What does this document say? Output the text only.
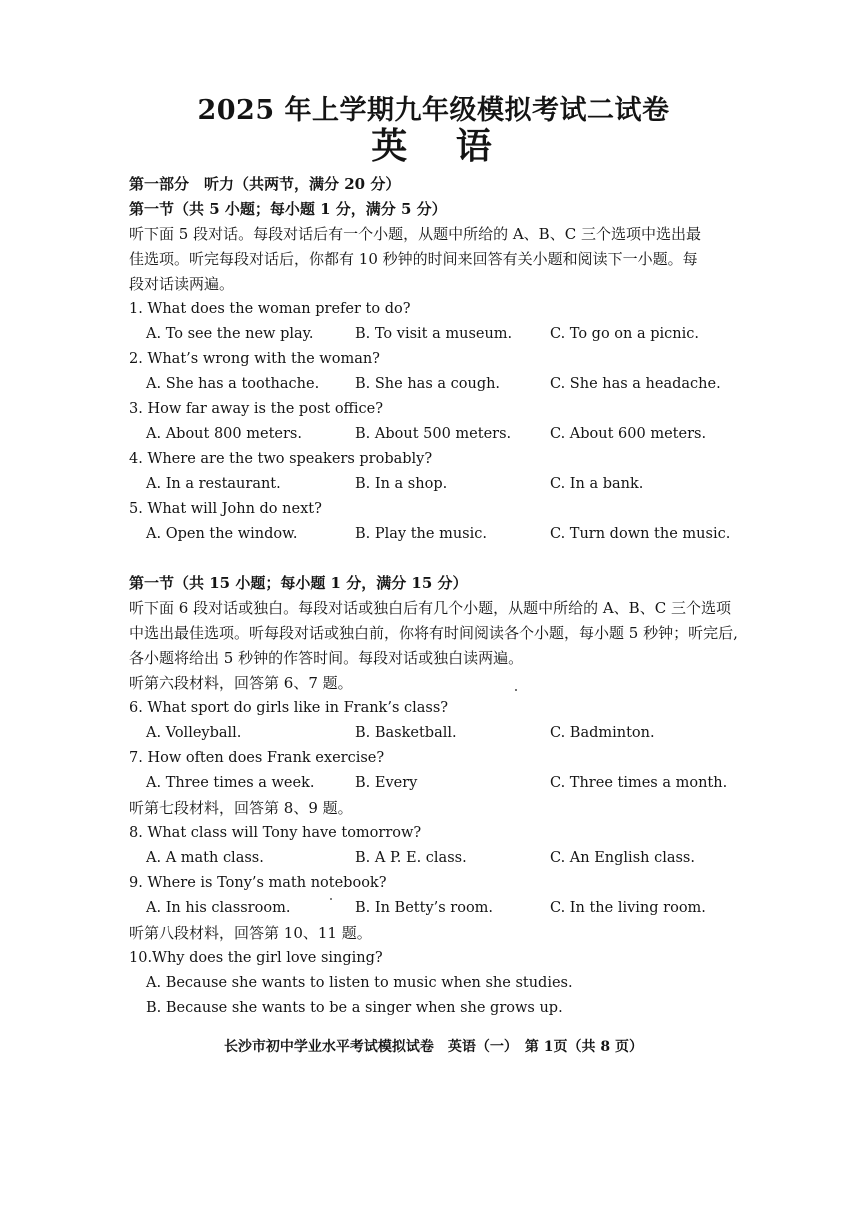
2025 年上学期九年级模拟考试二试卷
英 语
第一部分　听力（共两节，满分 20 分）
第一节（共 5 小题；每小题 1 分，满分 5 分）
听下面 5 段对话。每段对话后有一个小题，从题中所给的 A、B、C 三个选项中选出最
佳选项。听完每段对话后，你都有 10 秒钟的时间来回答有关小题和阅读下一小题。每
段对话读两遍。
1. What does the woman prefer to do?
A. To see the new play.	B. To visit a museum.	C. To go on a picnic.
2. What’s wrong with the woman?
A. She has a toothache. B. She has a cough.	C. She has a headache.
3. How far away is the post office?
A. About 800 meters.	B. About 500 meters.	C. About 600 meters.
4. Where are the two speakers probably?
A. In a restaurant.	B. In a shop.	C. In a bank.
5. What will John do next?
A. Open the window.	B. Play the music.	C. Turn down the music.
第一节（共 15 小题；每小题 1 分，满分 15 分）
听下面 6 段对话或独白。每段对话或独白后有几个小题，从题中所给的 A、B、C 三个选项
中选出最佳选项。听每段对话或独白前，你将有时间阅读各个小题，每小题 5 秒钟；听完后,
各小题将给出 5 秒钟的作答时间。每段对话或独白读两遍。
听第六段材料，回答第 6、7 题。
6. What sport do girls like in Frank’s class?
A. Volleyball.	B. Basketball.	C. Badminton.
7. How often does Frank exercise?
A. Three times a week.	B. Every	C. Three times a month.
听第七段材料，回答第 8、9 题。
8. What class will Tony have tomorrow?
A. A math class.	B. A P. E. class.	C. An English class.
9. Where is Tony’s math notebook?
A. In his classroom.	B. In Betty’s room.	C. In the living room.
听第八段材料，回答第 10、11 题。
10.Why does the girl love singing?
A. Because she wants to listen to music when she studies.
B. Because she wants to be a singer when she grows up.
长沙市初中学业水平考试模拟试卷　英语（一）　第 1页（共 8 页）
